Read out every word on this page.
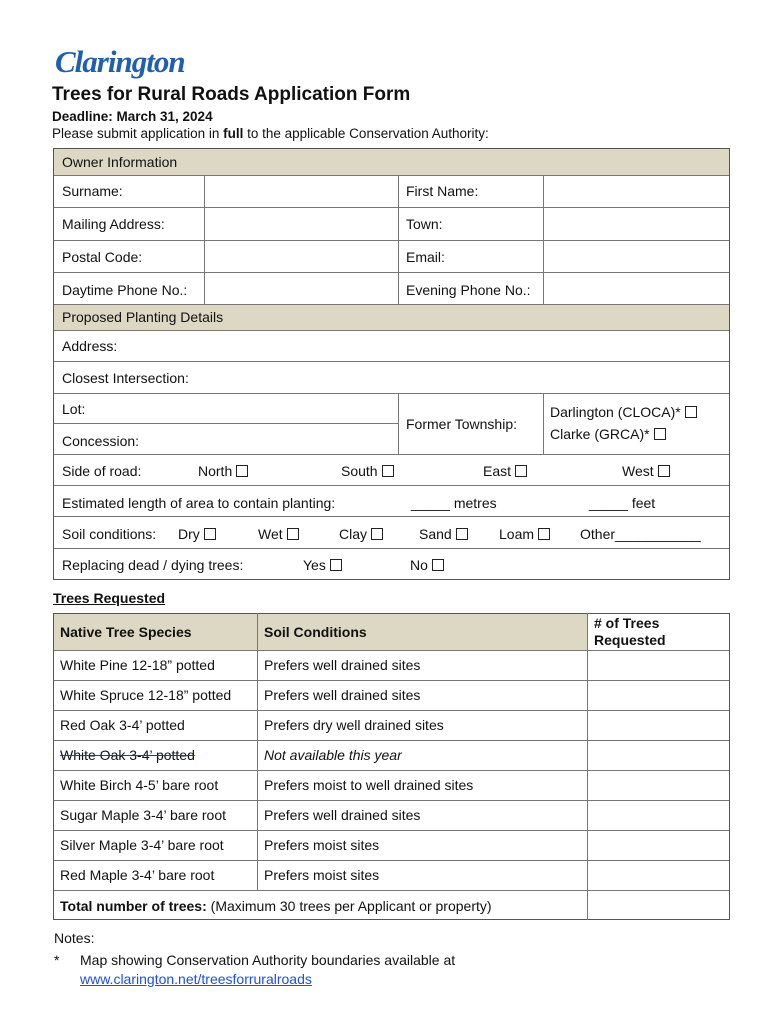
Clarington
Trees for Rural Roads Application Form
Deadline: March 31, 2024
Please submit application in full to the applicable Conservation Authority:
Owner Information
Surname:	First Name:
Mailing Address:	Town:
Postal Code:	Email:
Daytime Phone No.:	Evening Phone No.:
Proposed Planting Details
Address:
Closest Intersection:
Lot:
Concession:
Former Township:
Darlington (CLOCA)*
Clarke (GRCA)*
Side of road:	North	South	East	West
Estimated length of area to contain planting:	_____ metres	_____ feet
Soil conditions: Dry	Wet	Clay	Sand	Loam	Other___________
Replacing dead / dying trees:	Yes	No
Trees Requested
Native Tree Species	Soil Conditions
# of Trees Requested
White Pine 12-18” potted	Prefers well drained sites
White Spruce 12-18” potted Prefers well drained sites
Red Oak 3-4’ potted	Prefers dry well drained sites
White Oak 3-4’ potted	Not available this year
White Birch 4-5’ bare root	Prefers moist to well drained sites
Sugar Maple 3-4’ bare root	Prefers well drained sites
Silver Maple 3-4’ bare root	Prefers moist sites
Red Maple 3-4’ bare root	Prefers moist sites
Total number of trees: (Maximum 30 trees per Applicant or property)
Notes:
* Map showing Conservation Authority boundaries available at
www.clarington.net/treesforruralroads
